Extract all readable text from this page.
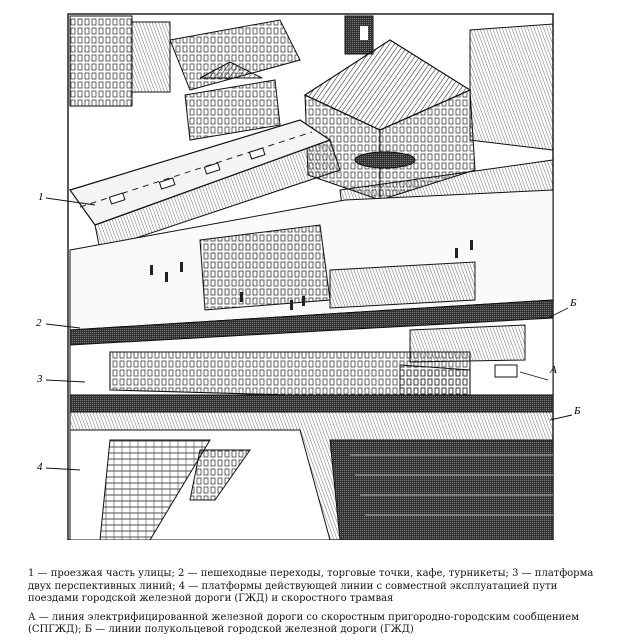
1
2
3
4
А
Б
Б

1 — проезжая часть улицы; 2 — пешеходные переходы, торговые точки, кафе, турникеты; 3 — платформа двух перспективных линий; 4 — платформы действующей линии с совместной эксплуатацией пути поездами городской железной дороги (ГЖД) и скоростного трамвая

А — линия электрифицированной железной дороги со скоростным пригородно-городским сообщением (СПГЖД); Б — линии полукольцевой городской железной дороги (ГЖД)
